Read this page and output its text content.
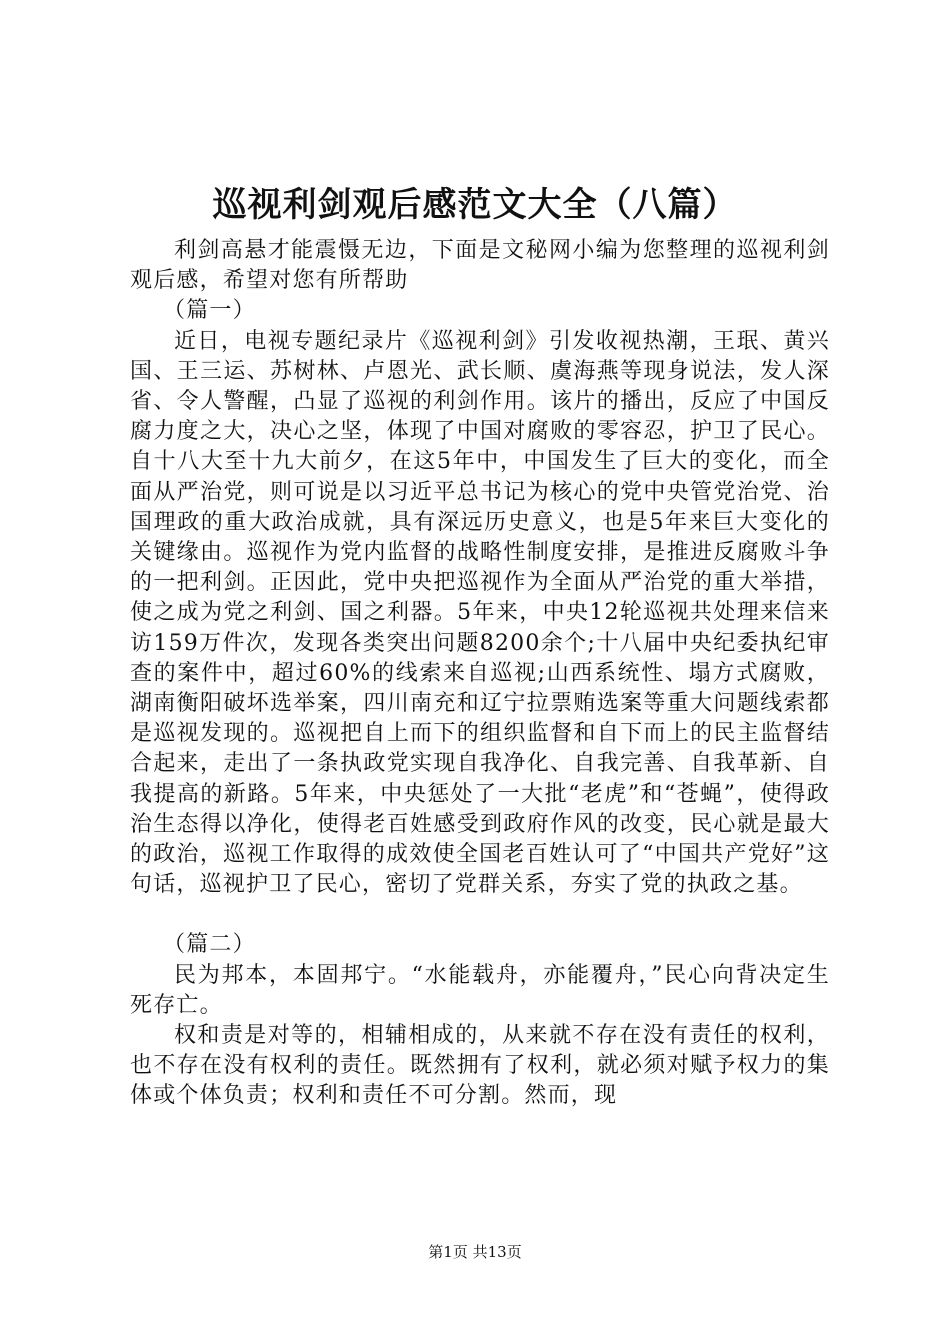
巡视利剑观后感范文大全（八篇）

利剑高悬才能震慑无边，下面是文秘网小编为您整理的巡视利剑观后感，希望对您有所帮助

（篇一）

近日，电视专题纪录片《巡视利剑》引发收视热潮，王珉、黄兴国、王三运、苏树林、卢恩光、武长顺、虞海燕等现身说法，发人深省、令人警醒，凸显了巡视的利剑作用。该片的播出，反应了中国反腐力度之大，决心之坚，体现了中国对腐败的零容忍，护卫了民心。自十八大至十九大前夕，在这5年中，中国发生了巨大的变化，而全面从严治党，则可说是以习近平总书记为核心的党中央管党治党、治国理政的重大政治成就，具有深远历史意义，也是5年来巨大变化的关键缘由。巡视作为党内监督的战略性制度安排，是推进反腐败斗争的一把利剑。正因此，党中央把巡视作为全面从严治党的重大举措，使之成为党之利剑、国之利器。5年来，中央12轮巡视共处理来信来访159万件次，发现各类突出问题8200余个;十八届中央纪委执纪审查的案件中，超过60%的线索来自巡视;山西系统性、塌方式腐败，湖南衡阳破坏选举案，四川南充和辽宁拉票贿选案等重大问题线索都是巡视发现的。巡视把自上而下的组织监督和自下而上的民主监督结合起来，走出了一条执政党实现自我净化、自我完善、自我革新、自我提高的新路。5年来，中央惩处了一大批“老虎”和“苍蝇”，使得政治生态得以净化，使得老百姓感受到政府作风的改变，民心就是最大的政治，巡视工作取得的成效使全国老百姓认可了“中国共产党好”这句话，巡视护卫了民心，密切了党群关系，夯实了党的执政之基。

（篇二）

民为邦本，本固邦宁。“水能载舟，亦能覆舟，”民心向背决定生死存亡。

权和责是对等的，相辅相成的，从来就不存在没有责任的权利，也不存在没有权利的责任。既然拥有了权利，就必须对赋予权力的集体或个体负责；权利和责任不可分割。然而，现

第1页 共13页
